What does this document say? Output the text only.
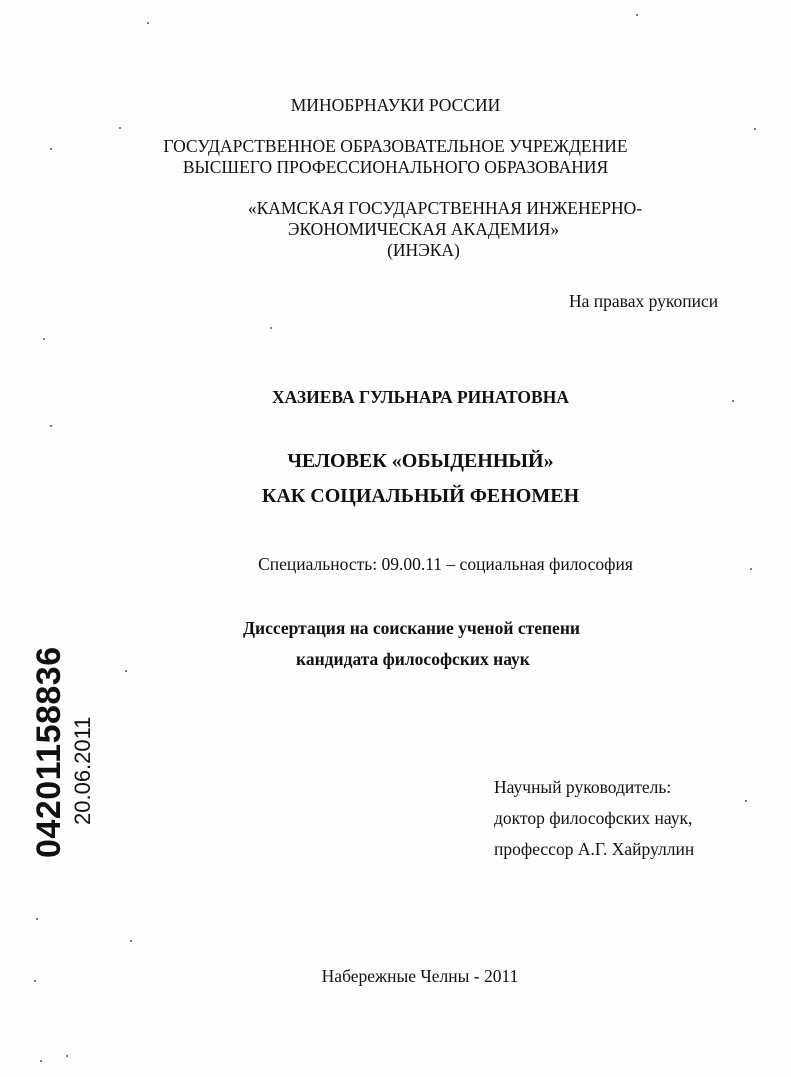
МИНОБРНАУКИ РОССИИ
ГОСУДАРСТВЕННОЕ ОБРАЗОВАТЕЛЬНОЕ УЧРЕЖДЕНИЕ
ВЫСШЕГО ПРОФЕССИОНАЛЬНОГО ОБРАЗОВАНИЯ
«КАМСКАЯ ГОСУДАРСТВЕННАЯ ИНЖЕНЕРНО-
ЭКОНОМИЧЕСКАЯ АКАДЕМИЯ»
(ИНЭКА)
На правах рукописи
ХАЗИЕВА ГУЛЬНАРА РИНАТОВНА
ЧЕЛОВЕК «ОБЫДЕННЫЙ»
КАК СОЦИАЛЬНЫЙ ФЕНОМЕН
Специальность: 09.00.11 – социальная философия
Диссертация на соискание ученой степени
кандидата философских наук
Научный руководитель:
доктор философских наук,
профессор А.Г. Хайруллин
Набережные Челны - 2011
04201158836 20.06.2011
